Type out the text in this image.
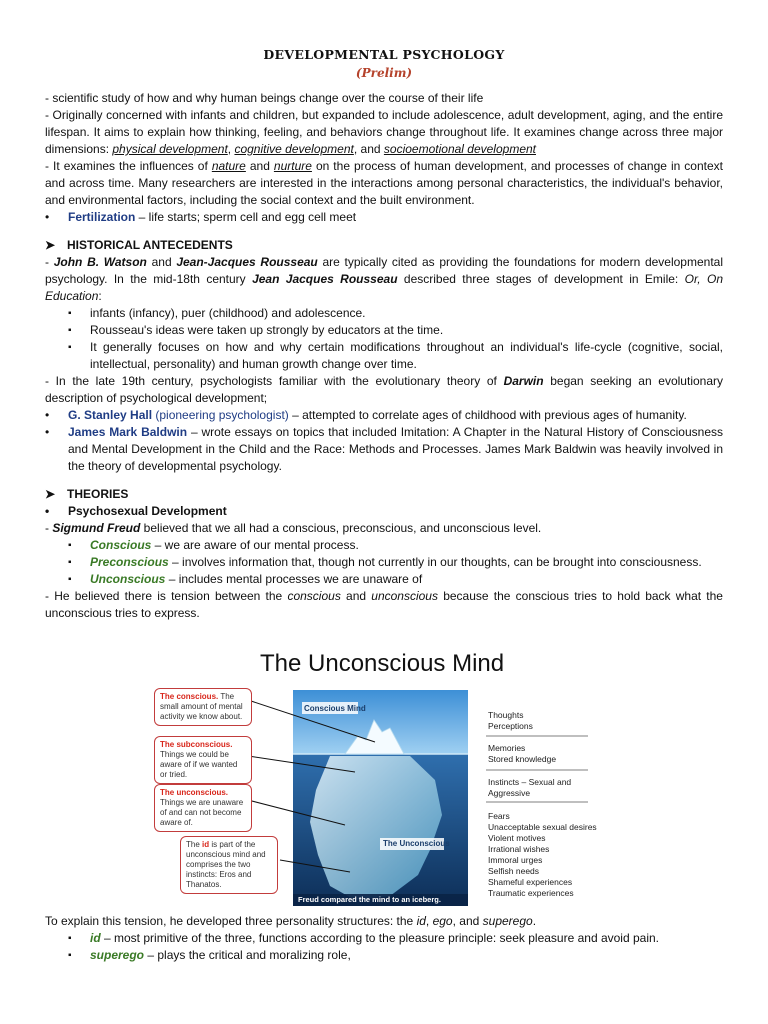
DEVELOPMENTAL PSYCHOLOGY
(Prelim)

- scientific study of how and why human beings change over the course of their life

- Originally concerned with infants and children, but expanded to include adolescence, adult development, aging, and the entire lifespan. It aims to explain how thinking, feeling, and behaviors change throughout life. It examines change across three major dimensions: physical development, cognitive development, and socioemotional development

- It examines the influences of nature and nurture on the process of human development, and processes of change in context and across time. Many researchers are interested in the interactions among personal characteristics, the individual's behavior, and environmental factors, including the social context and the built environment.

• Fertilization – life starts; sperm cell and egg cell meet
➤ HISTORICAL ANTECEDENTS

- John B. Watson and Jean-Jacques Rousseau are typically cited as providing the foundations for modern developmental psychology. In the mid-18th century Jean Jacques Rousseau described three stages of development in Emile: Or, On Education:

▪ infants (infancy), puer (childhood) and adolescence.
▪ Rousseau's ideas were taken up strongly by educators at the time.
▪ It generally focuses on how and why certain modifications throughout an individual's life-cycle (cognitive, social, intellectual, personality) and human growth change over time.

- In the late 19th century, psychologists familiar with the evolutionary theory of Darwin began seeking an evolutionary description of psychological development;

• G. Stanley Hall (pioneering psychologist) – attempted to correlate ages of childhood with previous ages of humanity.
• James Mark Baldwin – wrote essays on topics that included Imitation: A Chapter in the Natural History of Consciousness and Mental Development in the Child and the Race: Methods and Processes. James Mark Baldwin was heavily involved in the theory of developmental psychology.
➤ THEORIES
• Psychosexual Development

- Sigmund Freud believed that we all had a conscious, preconscious, and unconscious level.

▪ Conscious – we are aware of our mental process.
▪ Preconscious – involves information that, though not currently in our thoughts, can be brought into consciousness.
▪ Unconscious – includes mental processes we are unaware of

- He believed there is tension between the conscious and unconscious because the conscious tries to hold back what the unconscious tries to express.

The Unconscious Mind
Conscious Mind
The Unconscious
Freud compared the mind to an iceberg.
The conscious. The small amount of mental activity we know about.
The subconscious. Things we could be aware of if we wanted or tried.
The unconscious. Things we are unaware of and can not become aware of.
The id is part of the unconscious mind and comprises the two instincts: Eros and Thanatos.
Thoughts
Perceptions
Memories
Stored knowledge
Instincts – Sexual and
Aggressive
Fears
Unacceptable sexual desires
Violent motives
Irrational wishes
Immoral urges
Selfish needs
Shameful experiences
Traumatic experiences

To explain this tension, he developed three personality structures: the id, ego, and superego.

▪ id – most primitive of the three, functions according to the pleasure principle: seek pleasure and avoid pain.
▪ superego – plays the critical and moralizing role,
